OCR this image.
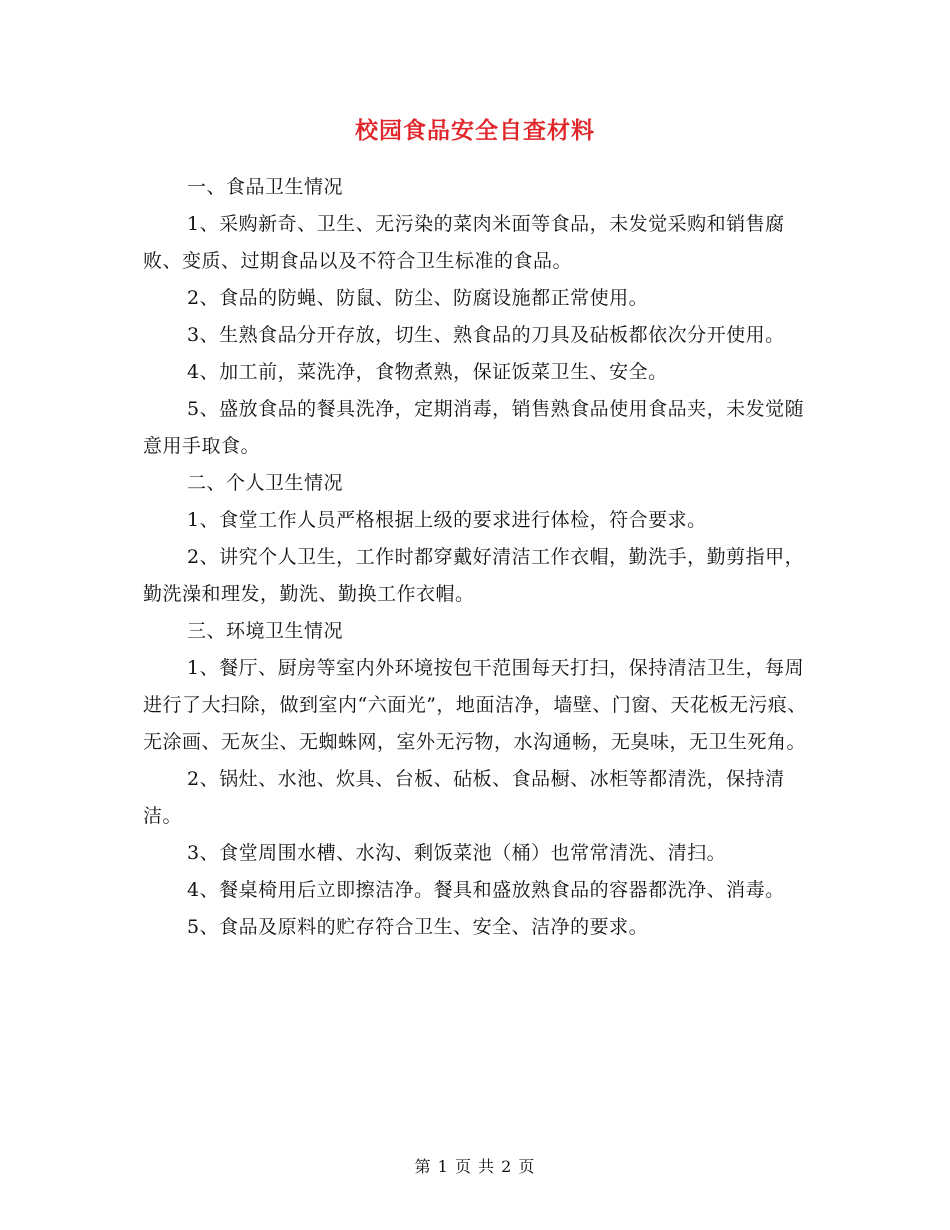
校园食品安全自查材料

一、食品卫生情况

1、采购新奇、卫生、无污染的菜肉米面等食品，未发觉采购和销售腐败、变质、过期食品以及不符合卫生标准的食品。

2、食品的防蝇、防鼠、防尘、防腐设施都正常使用。

3、生熟食品分开存放，切生、熟食品的刀具及砧板都依次分开使用。

4、加工前，菜洗净，食物煮熟，保证饭菜卫生、安全。

5、盛放食品的餐具洗净，定期消毒，销售熟食品使用食品夹，未发觉随意用手取食。

二、个人卫生情况

1、食堂工作人员严格根据上级的要求进行体检，符合要求。

2、讲究个人卫生，工作时都穿戴好清洁工作衣帽，勤洗手，勤剪指甲，勤洗澡和理发，勤洗、勤换工作衣帽。

三、环境卫生情况

1、餐厅、厨房等室内外环境按包干范围每天打扫，保持清洁卫生，每周进行了大扫除，做到室内“六面光”，地面洁净，墙壁、门窗、天花板无污痕、无涂画、无灰尘、无蜘蛛网，室外无污物，水沟通畅，无臭味，无卫生死角。

2、锅灶、水池、炊具、台板、砧板、食品橱、冰柜等都清洗，保持清洁。

3、食堂周围水槽、水沟、剩饭菜池（桶）也常常清洗、清扫。

4、餐桌椅用后立即擦洁净。餐具和盛放熟食品的容器都洗净、消毒。

5、食品及原料的贮存符合卫生、安全、洁净的要求。

第 1 页 共 2 页
